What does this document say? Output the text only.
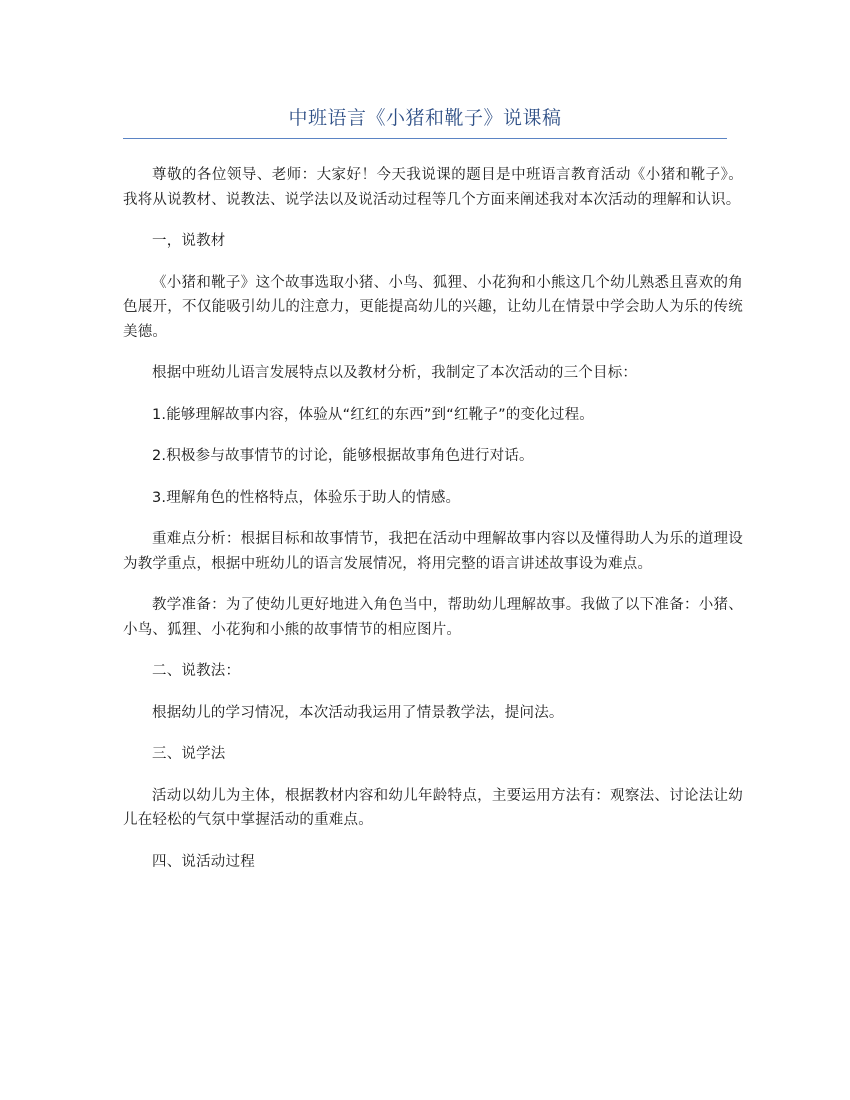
中班语言《小猪和靴子》说课稿

尊敬的各位领导、老师：大家好！今天我说课的题目是中班语言教育活动《小猪和靴子》。我将从说教材、说教法、说学法以及说活动过程等几个方面来阐述我对本次活动的理解和认识。

一，说教材

《小猪和靴子》这个故事选取小猪、小鸟、狐狸、小花狗和小熊这几个幼儿熟悉且喜欢的角色展开，不仅能吸引幼儿的注意力，更能提高幼儿的兴趣，让幼儿在情景中学会助人为乐的传统美德。

根据中班幼儿语言发展特点以及教材分析，我制定了本次活动的三个目标：

1.能够理解故事内容，体验从“红红的东西”到“红靴子”的变化过程。

2.积极参与故事情节的讨论，能够根据故事角色进行对话。

3.理解角色的性格特点，体验乐于助人的情感。

重难点分析：根据目标和故事情节，我把在活动中理解故事内容以及懂得助人为乐的道理设为教学重点，根据中班幼儿的语言发展情况，将用完整的语言讲述故事设为难点。

教学准备：为了使幼儿更好地进入角色当中，帮助幼儿理解故事。我做了以下准备：小猪、小鸟、狐狸、小花狗和小熊的故事情节的相应图片。

二、说教法：

根据幼儿的学习情况，本次活动我运用了情景教学法，提问法。

三、说学法

活动以幼儿为主体，根据教材内容和幼儿年龄特点，主要运用方法有：观察法、讨论法让幼儿在轻松的气氛中掌握活动的重难点。

四、说活动过程
